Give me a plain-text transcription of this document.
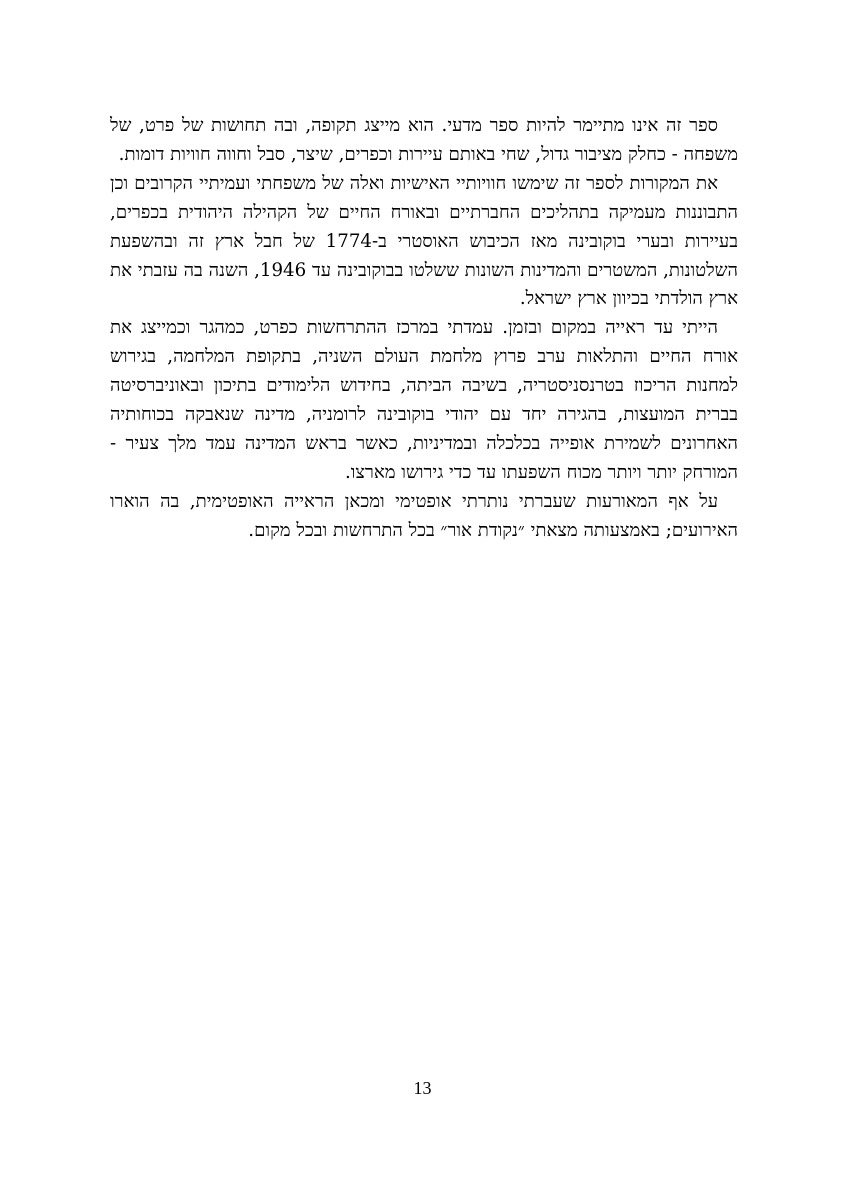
ספר זה אינו מתיימר להיות ספר מדעי. הוא מייצג תקופה, ובה תחושות של פרט, של משפחה - כחלק מציבור גדול, שחי באותם עיירות וכפרים, שיצר, סבל וחווה חוויות דומות.

את המקורות לספר זה שימשו חוויותיי האישיות ואלה של משפחתי ועמיתיי הקרובים וכן התבוננות מעמיקה בתהליכים החברתיים ובאורח החיים של הקהילה היהודית בכפרים, בעיירות ובערי בוקובינה מאז הכיבוש האוסטרי ב-1774 של חבל ארץ זה ובהשפעת השלטונות, המשטרים והמדינות השונות ששלטו בבוקובינה עד 1946, השנה בה עזבתי את ארץ הולדתי בכיוון ארץ ישראל.

הייתי עד ראייה במקום ובזמן. עמדתי במרכז ההתרחשות כפרט, כמהגר וכמייצג את אורח החיים והתלאות ערב פרוץ מלחמת העולם השניה, בתקופת המלחמה, בגירוש למחנות הריכוז בטרנסניסטריה, בשיבה הביתה, בחידוש הלימודים בתיכון ובאוניברסיטה בברית המועצות, בהגירה יחד עם יהודי בוקובינה לרומניה, מדינה שנאבקה בכוחותיה האחרונים לשמירת אופייה בכלכלה ובמדיניות, כאשר בראש המדינה עמד מלך צעיר - המורחק יותר ויותר מכוח השפעתו עד כדי גירושו מארצו.

על אף המאורעות שעברתי נותרתי אופטימי ומכאן הראייה האופטימית, בה הוארו האירועים; באמצעותה מצאתי ״נקודת אור״ בכל התרחשות ובכל מקום.

13
